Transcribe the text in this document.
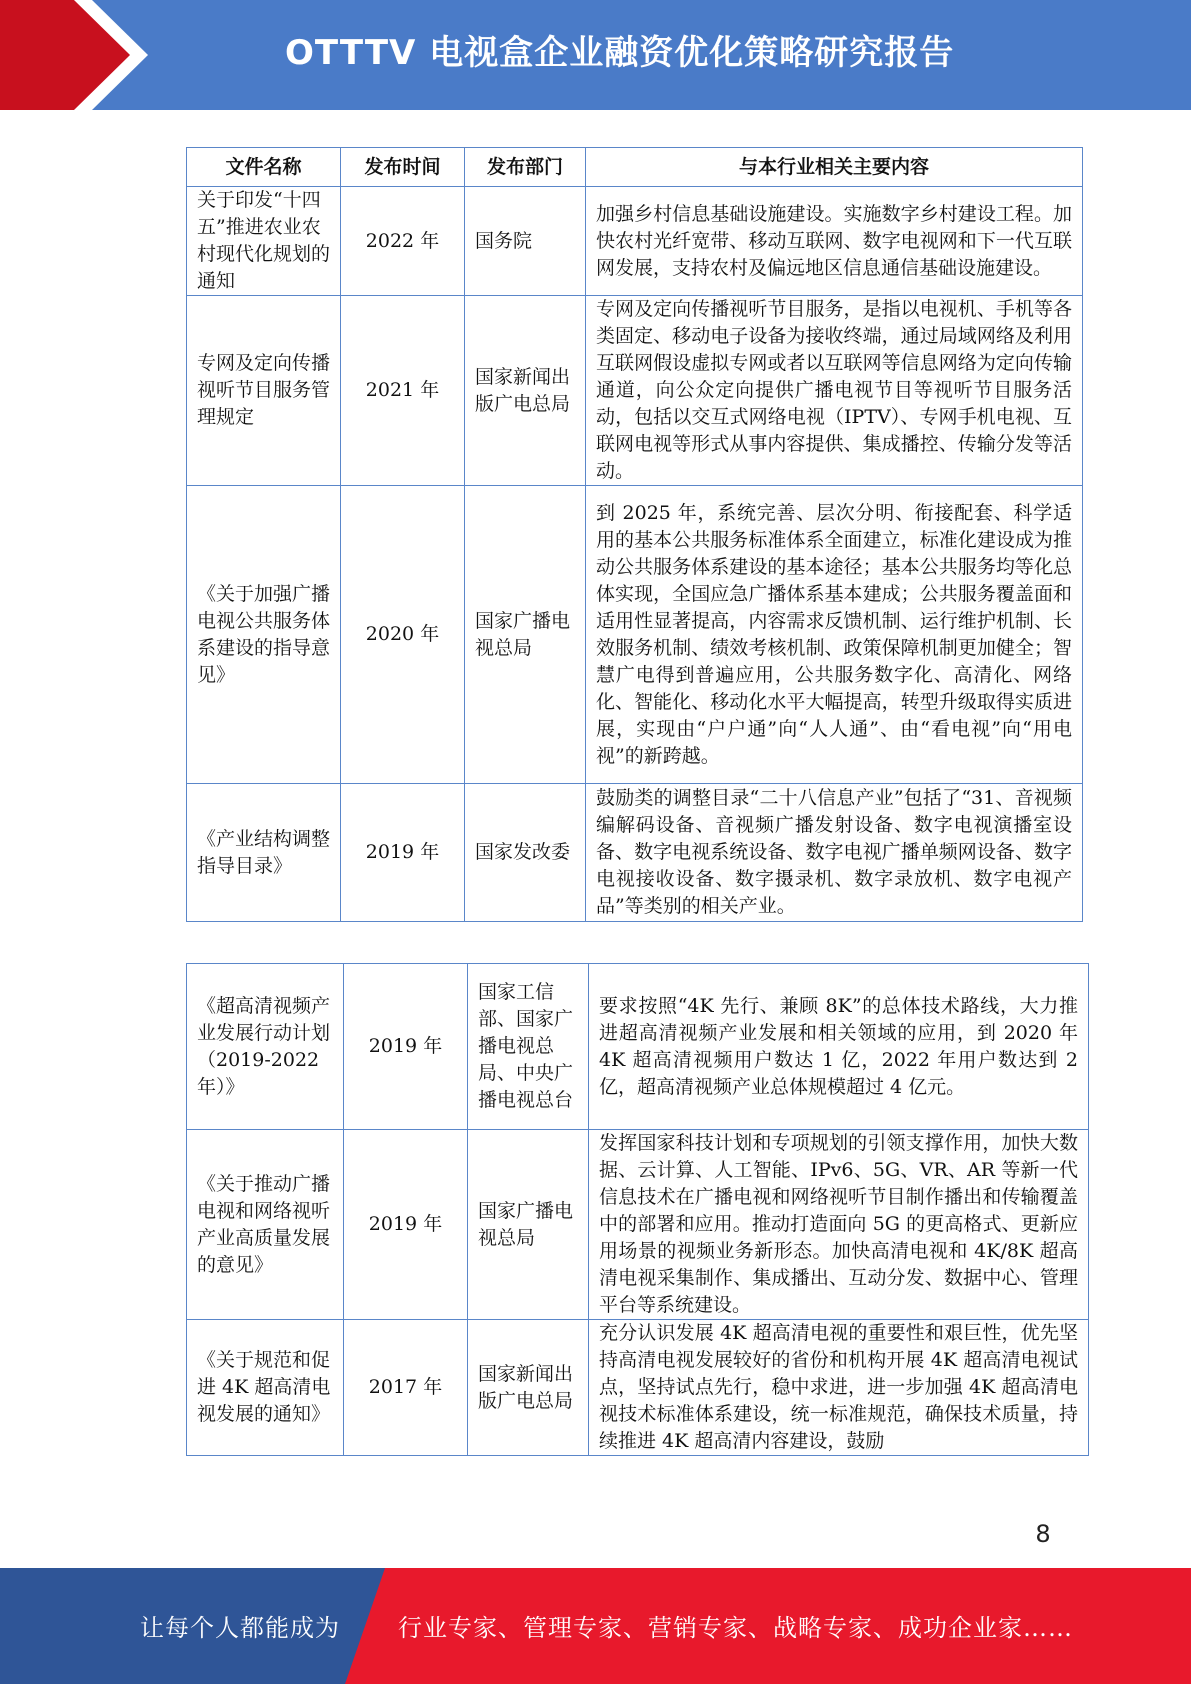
OTTTV 电视盒企业融资优化策略研究报告
文件名称	发布时间	发布部门	与本行业相关主要内容
关于印发“十四五”推进农业农村现代化规划的通知	2022 年	国务院	加强乡村信息基础设施建设。实施数字乡村建设工程。加快农村光纤宽带、移动互联网、数字电视网和下一代互联网发展，支持农村及偏远地区信息通信基础设施建设。
专网及定向传播视听节目服务管理规定	2021 年	国家新闻出版广电总局	专网及定向传播视听节目服务，是指以电视机、手机等各类固定、移动电子设备为接收终端，通过局域网络及利用互联网假设虚拟专网或者以互联网等信息网络为定向传输通道，向公众定向提供广播电视节目等视听节目服务活动，包括以交互式网络电视（IPTV）、专网手机电视、互联网电视等形式从事内容提供、集成播控、传输分发等活动。
《关于加强广播电视公共服务体系建设的指导意见》	2020 年	国家广播电视总局	到 2025 年，系统完善、层次分明、衔接配套、科学适用的基本公共服务标准体系全面建立，标准化建设成为推动公共服务体系建设的基本途径；基本公共服务均等化总体实现，全国应急广播体系基本建成；公共服务覆盖面和适用性显著提高，内容需求反馈机制、运行维护机制、长效服务机制、绩效考核机制、政策保障机制更加健全；智慧广电得到普遍应用，公共服务数字化、高清化、网络化、智能化、移动化水平大幅提高，转型升级取得实质进展，实现由“户户通”向“人人通”、由“看电视”向“用电视”的新跨越。
《产业结构调整指导目录》	2019 年	国家发改委	鼓励类的调整目录“二十八信息产业”包括了“31、音视频编解码设备、音视频广播发射设备、数字电视演播室设备、数字电视系统设备、数字电视广播单频网设备、数字电视接收设备、数字摄录机、数字录放机、数字电视产品”等类别的相关产业。
《超高清视频产业发展行动计划（2019-2022 年）》	2019 年	国家工信部、国家广播电视总局、中央广播电视总台	要求按照“4K 先行、兼顾 8K”的总体技术路线，大力推进超高清视频产业发展和相关领域的应用，到 2020 年 4K 超高清视频用户数达 1 亿，2022 年用户数达到 2 亿，超高清视频产业总体规模超过 4 亿元。
《关于推动广播电视和网络视听产业高质量发展的意见》	2019 年	国家广播电视总局	发挥国家科技计划和专项规划的引领支撑作用，加快大数据、云计算、人工智能、IPv6、5G、VR、AR 等新一代信息技术在广播电视和网络视听节目制作播出和传输覆盖中的部署和应用。推动打造面向 5G 的更高格式、更新应用场景的视频业务新形态。加快高清电视和 4K/8K 超高清电视采集制作、集成播出、互动分发、数据中心、管理平台等系统建设。
《关于规范和促进 4K 超高清电视发展的通知》	2017 年	国家新闻出版广电总局	充分认识发展 4K 超高清电视的重要性和艰巨性，优先坚持高清电视发展较好的省份和机构开展 4K 超高清电视试点，坚持试点先行，稳中求进，进一步加强 4K 超高清电视技术标准体系建设，统一标准规范，确保技术质量，持续推进 4K 超高清内容建设，鼓励
8
让每个人都能成为 行业专家、管理专家、营销专家、战略专家、成功企业家……
